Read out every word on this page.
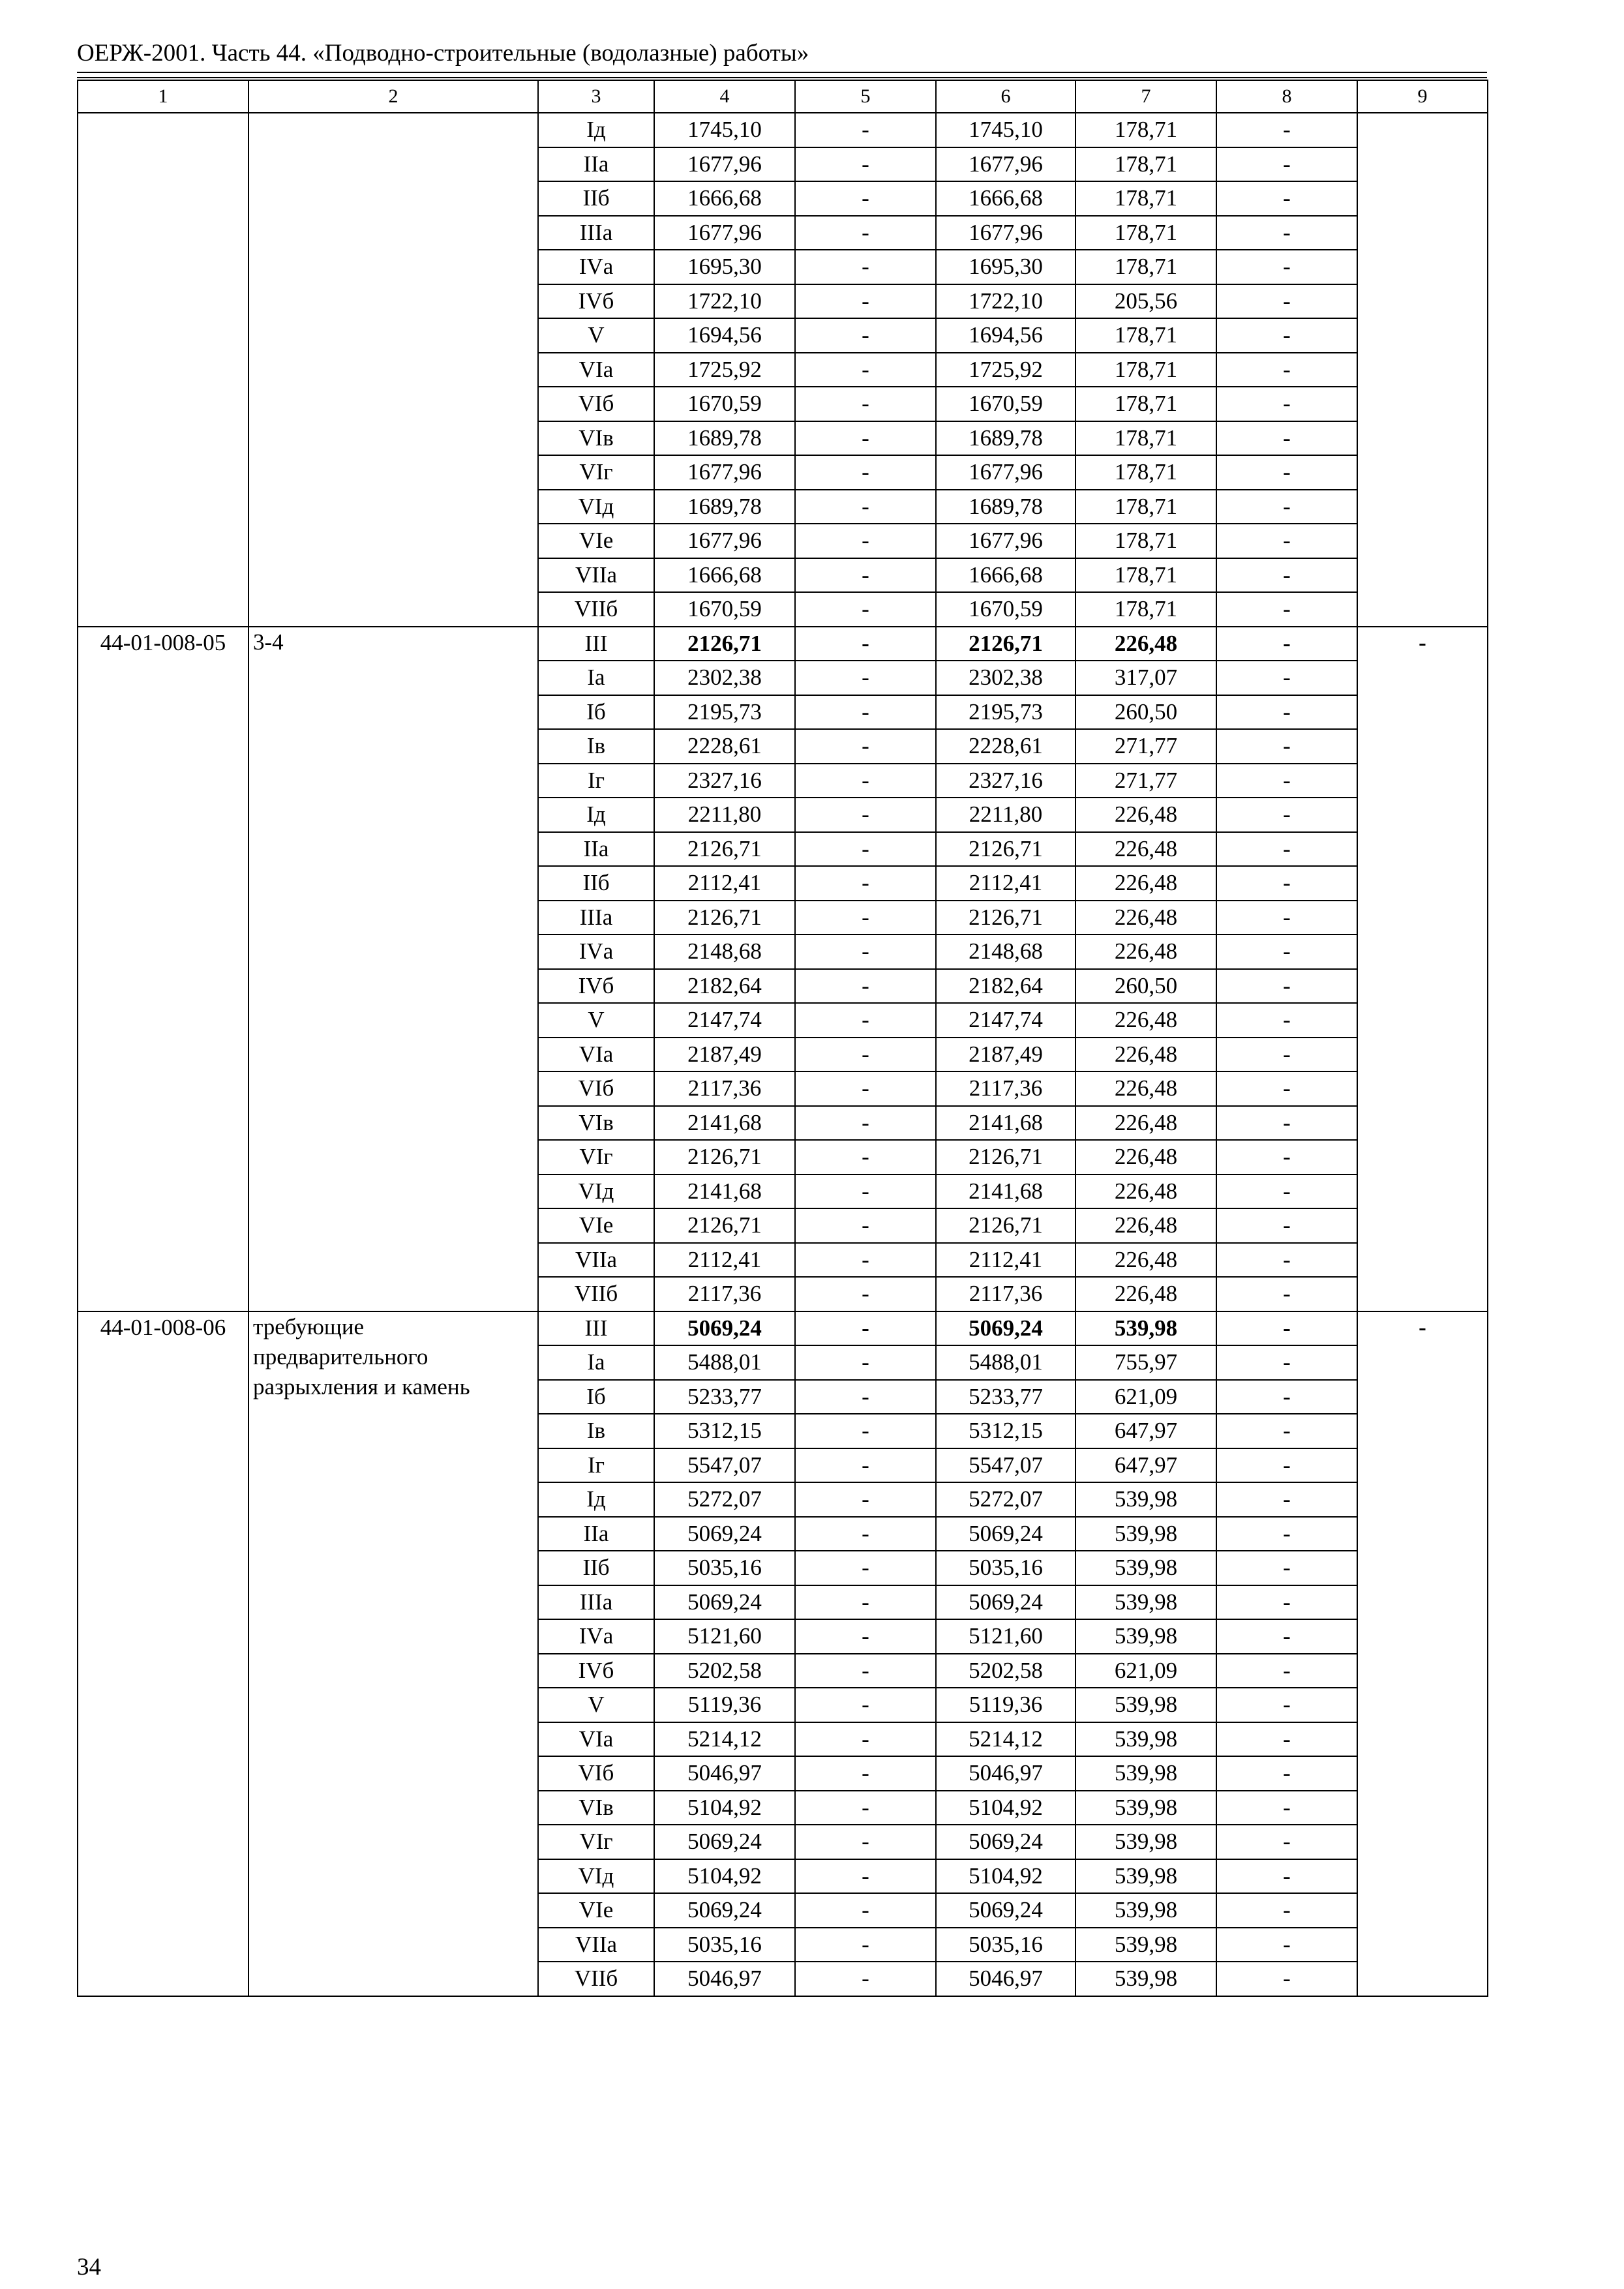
ОЕРЖ-2001. Часть 44. «Подводно-строительные (водолазные) работы»
1	2	3	4	5	6	7	8	9
		Iд	1745,10	-	1745,10	178,71	-	
		IIа	1677,96	-	1677,96	178,71	-	
		IIб	1666,68	-	1666,68	178,71	-	
		IIIа	1677,96	-	1677,96	178,71	-	
		IVа	1695,30	-	1695,30	178,71	-	
		IVб	1722,10	-	1722,10	205,56	-	
		V	1694,56	-	1694,56	178,71	-	
		VIа	1725,92	-	1725,92	178,71	-	
		VIб	1670,59	-	1670,59	178,71	-	
		VIв	1689,78	-	1689,78	178,71	-	
		VIг	1677,96	-	1677,96	178,71	-	
		VIд	1689,78	-	1689,78	178,71	-	
		VIе	1677,96	-	1677,96	178,71	-	
		VIIа	1666,68	-	1666,68	178,71	-	
		VIIб	1670,59	-	1670,59	178,71	-	
44-01-008-05	3-4	III	2126,71	-	2126,71	226,48	-	-
		Iа	2302,38	-	2302,38	317,07	-	
		Iб	2195,73	-	2195,73	260,50	-	
		Iв	2228,61	-	2228,61	271,77	-	
		Iг	2327,16	-	2327,16	271,77	-	
		Iд	2211,80	-	2211,80	226,48	-	
		IIа	2126,71	-	2126,71	226,48	-	
		IIб	2112,41	-	2112,41	226,48	-	
		IIIа	2126,71	-	2126,71	226,48	-	
		IVа	2148,68	-	2148,68	226,48	-	
		IVб	2182,64	-	2182,64	260,50	-	
		V	2147,74	-	2147,74	226,48	-	
		VIа	2187,49	-	2187,49	226,48	-	
		VIб	2117,36	-	2117,36	226,48	-	
		VIв	2141,68	-	2141,68	226,48	-	
		VIг	2126,71	-	2126,71	226,48	-	
		VIд	2141,68	-	2141,68	226,48	-	
		VIе	2126,71	-	2126,71	226,48	-	
		VIIа	2112,41	-	2112,41	226,48	-	
		VIIб	2117,36	-	2117,36	226,48	-	
44-01-008-06	требующие предварительного разрыхления и камень	III	5069,24	-	5069,24	539,98	-	-
		Iа	5488,01	-	5488,01	755,97	-	
		Iб	5233,77	-	5233,77	621,09	-	
		Iв	5312,15	-	5312,15	647,97	-	
		Iг	5547,07	-	5547,07	647,97	-	
		Iд	5272,07	-	5272,07	539,98	-	
		IIа	5069,24	-	5069,24	539,98	-	
		IIб	5035,16	-	5035,16	539,98	-	
		IIIа	5069,24	-	5069,24	539,98	-	
		IVа	5121,60	-	5121,60	539,98	-	
		IVб	5202,58	-	5202,58	621,09	-	
		V	5119,36	-	5119,36	539,98	-	
		VIа	5214,12	-	5214,12	539,98	-	
		VIб	5046,97	-	5046,97	539,98	-	
		VIв	5104,92	-	5104,92	539,98	-	
		VIг	5069,24	-	5069,24	539,98	-	
		VIд	5104,92	-	5104,92	539,98	-	
		VIе	5069,24	-	5069,24	539,98	-	
		VIIа	5035,16	-	5035,16	539,98	-	
		VIIб	5046,97	-	5046,97	539,98	-	
34
